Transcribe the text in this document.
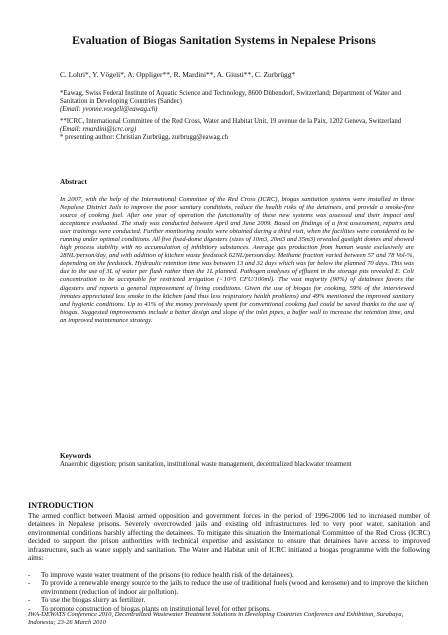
Evaluation of Biogas Sanitation Systems in Nepalese Prisons
C. Lohri*, Y. Vögeli*, A. Oppliger**, R. Mardini**, A. Giusti**, C. Zurbrügg*

*Eawag, Swiss Federal Institute of Aquatic Science and Technology, 8600 Dübendorf, Switzerland; Department of Water and Sanitation in Developing Countries (Sandec)
(Email: yvonne.voegeli@eawag.ch)

**ICRC, International Committee of the Red Cross, Water and Habitat Unit, 19 avenue de la Paix, 1202 Geneva, Switzerland
(Email: rmardini@icrc.org)
* presenting author: Christian Zurbrügg, zurbrugg@eawag.ch

Abstract
In 2007, with the help of the International Committee of the Red Cross (ICRC), biogas sanitation systems were installed in three Nepalese District Jails to improve the poor sanitary conditions, reduce the health risks of the detainees, and provide a smoke-free source of cooking fuel. After one year of operation the functionality of these new systems was assessed and their impact and acceptance evaluated. The study was conducted between April and June 2009. Based on findings of a first assessment, repairs and user trainings were conducted. Further monitoring results were obtained during a third visit, when the facilities were considered to be running under optimal conditions. All five fixed-dome digesters (sizes of 10m3, 20m3 and 35m3) revealed gastight domes and showed high process stability with no accumulation of inhibitory substances. Average gas production from human waste exclusively are 28NL/person/day, and with addition of kitchen waste feedstock 62NL/person/day. Methane fraction varied between 57 and 78 Vol-%, depending on the feedstock. Hydraulic retention time was between 13 and 32 days which was far below the planned 70 days. This was due to the use of 3L of water per flush rather than the 1L planned. Pathogen analyses of effluent in the storage pits revealed E. Coli concentration to be acceptable for restricted irrigation (<10^5 CFU/100ml). The vast majority (90%) of detainees favors the digesters and reports a general improvement of living conditions. Given the use of biogas for cooking, 59% of the interviewed inmates appreciated less smoke in the kitchen (and thus less respiratory health problems) and 49% mentioned the improved sanitary and hygienic conditions. Up to 41% of the money previously spent for conventional cooking fuel could be saved thanks to the use of biogas. Suggested improvements include a better design and slope of the inlet pipes, a buffer wall to increase the retention time, and an improved maintenance strategy.
Keywords
Anaerobic digestion; prison sanitation, institutional waste management, decentralized blackwater treatment
INTRODUCTION
The armed conflict between Maoist armed opposition and government forces in the period of 1996-2006 led to increased number of detainees in Nepalese prisons. Severely overcrowded jails and existing old infrastructures led to very poor water, sanitation and environmental conditions harshly affecting the detainees. To mitigate this situation the International Committee of the Red Cross (ICRC) decided to support the prison authorities with technical expertise and assistance to ensure that detainees have access to improved infrastructure, such as water supply and sanitation. The Water and Habitat unit of ICRC initiated a biogas programme with the following aims:
- To improve waste water treatment of the prisons (to reduce health risk of the detainees).
- To provide a renewable energy source to the jails to reduce the use of traditional fuels (wood and kerosene) and to improve the kitchen environment (reduction of indoor air pollution).
- To use the biogas slurry as fertilizer.
- To promote construction of biogas plants on institutional level for other prisons.
IWA-DEWATS Conference 2010, Decentralized Wastewater Treatment Solutions in Developing Countries Conference and Exhibition, Surabaya, Indonesia; 23-26 March 2010
